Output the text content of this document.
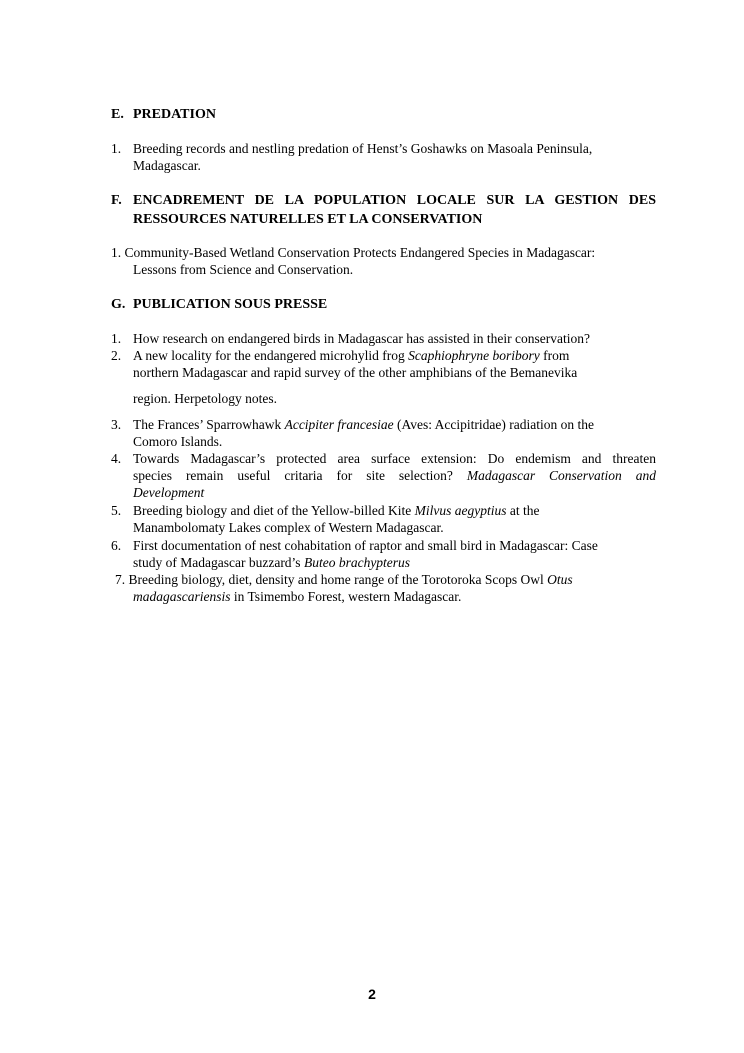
E. PREDATION
1. Breeding records and nestling predation of Henst’s Goshawks on Masoala Peninsula,
Madagascar.
F. ENCADREMENT DE LA POPULATION LOCALE SUR LA GESTION DES
RESSOURCES NATURELLES ET LA CONSERVATION
1. Community-Based Wetland Conservation Protects Endangered Species in Madagascar:
Lessons from Science and Conservation.
G. PUBLICATION SOUS PRESSE
1. How research on endangered birds in Madagascar has assisted in their conservation?
2. A new locality for the endangered microhylid frog Scaphiophryne boribory from
northern Madagascar and rapid survey of the other amphibians of the Bemanevika
region. Herpetology notes.
3. The Frances’ Sparrowhawk Accipiter francesiae (Aves: Accipitridae) radiation on the
Comoro Islands.
4. Towards Madagascar’s protected area surface extension: Do endemism and threaten
species remain useful critaria for site selection? Madagascar Conservation and
Development
5. Breeding biology and diet of the Yellow-billed Kite Milvus aegyptius at the
Manambolomaty Lakes complex of Western Madagascar.
6. First documentation of nest cohabitation of raptor and small bird in Madagascar: Case
study of Madagascar buzzard’s Buteo brachypterus
7. Breeding biology, diet, density and home range of the Torotoroka Scops Owl Otus
madagascariensis in Tsimembo Forest, western Madagascar.
2
